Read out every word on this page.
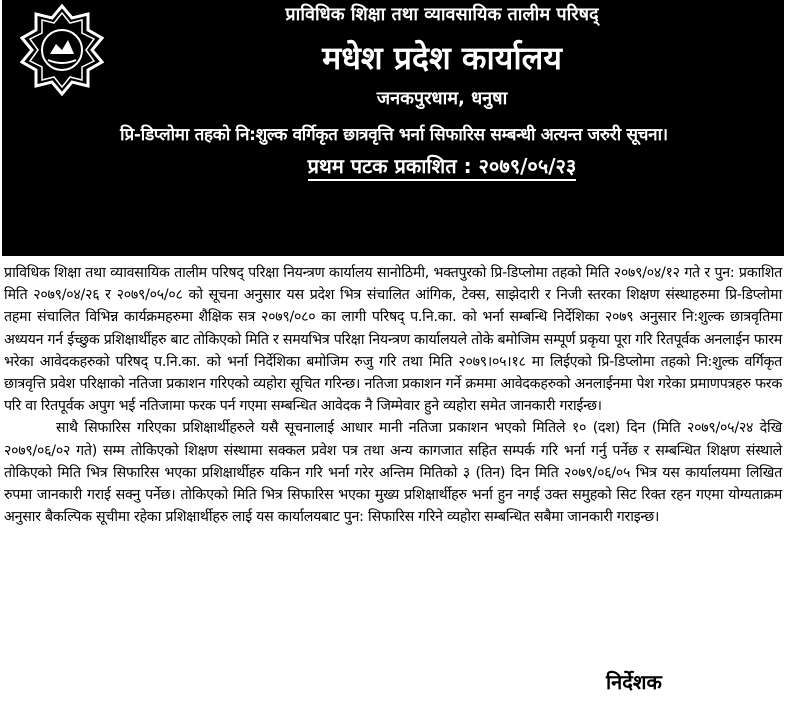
प्राविधिक शिक्षा तथा व्यावसायिक तालीम परिषद्
मधेश प्रदेश कार्यालय
जनकपुरधाम, धनुषा
प्रि-डिप्लोमा तहको नि:शुल्क वर्गिकृत छात्रवृत्ति भर्ना सिफारिस सम्बन्धी अत्यन्त जरुरी सूचना।
प्रथम पटक प्रकाशित : २०७९/०५/२३

प्राविधिक शिक्षा तथा व्यावसायिक तालीम परिषद् परिक्षा नियन्त्रण कार्यालय सानोठिमी, भक्तपुरको प्रि-डिप्लोमा तहको मिति २०७९/०४/१२ गते र पुन: प्रकाशित मिति २०७९/०४/२६ र २०७९/०५/०८ को सूचना अनुसार यस प्रदेश भित्र संचालित आंगिक, टेक्स, साझेदारी र निजी स्तरका शिक्षण संस्थाहरुमा प्रि-डिप्लोमा तहमा संचालित विभिन्न कार्यक्रमहरुमा शैक्षिक सत्र २०७९/०८० का लागी परिषद् प.नि.का. को भर्ना सम्बन्धि निर्देशिका २०७९ अनुसार नि:शुल्क छात्रवृतिमा अध्ययन गर्न ईच्छुक प्रशिक्षार्थीहरु बाट तोकिएको मिति र समयभित्र परिक्षा नियन्त्रण कार्यालयले तोके बमोजिम सम्पूर्ण प्रकृया पूरा गरि रितपूर्वक अनलाईन फारम भरेका आवेदकहरुको परिषद् प.नि.का. को भर्ना निर्देशिका बमोजिम रुजु गरि तथा मिति २०७९।०५।१८ मा लिईएको प्रि-डिप्लोमा तहको नि:शुल्क वर्गिकृत छात्रवृत्ति प्रवेश परिक्षाको नतिजा प्रकाशन गरिएको व्यहोरा सूचित गरिन्छ। नतिजा प्रकाशन गर्ने क्रममा आवेदकहरुको अनलाईनमा पेश गरेका प्रमाणपत्रहरु फरक परि वा रितपूर्वक अपुग भई नतिजामा फरक पर्न गएमा सम्बन्धित आवेदक नै जिम्मेवार हुने व्यहोरा समेत जानकारी गराईन्छ।

साथै सिफारिस गरिएका प्रशिक्षार्थीहरुले यसै सूचनालाई आधार मानी नतिजा प्रकाशन भएको मितिले १० (दश) दिन (मिति २०७९/०५/२४ देखि २०७९/०६/०२ गते) सम्म तोकिएको शिक्षण संस्थामा सक्कल प्रवेश पत्र तथा अन्य कागजात सहित सम्पर्क गरि भर्ना गर्नु पर्नेछ र सम्बन्धित शिक्षण संस्थाले तोकिएको मिति भित्र सिफारिस भएका प्रशिक्षार्थीहरु यकिन गरि भर्ना गरेर अन्तिम मितिको ३ (तिन) दिन मिति २०७९/०६/०५ भित्र यस कार्यालयमा लिखित रुपमा जानकारी गराई सक्नु पर्नेछ। तोकिएको मिति भित्र सिफारिस भएका मुख्य प्रशिक्षार्थीहरु भर्ना हुन नगई उक्त समुहको सिट रिक्त रहन गएमा योग्यताक्रम अनुसार बैकल्पिक सूचीमा रहेका प्रशिक्षार्थीहरु लाई यस कार्यालयबाट पुन: सिफारिस गरिने व्यहोरा सम्बन्धित सबैमा जानकारी गराइन्छ।

निर्देशक
